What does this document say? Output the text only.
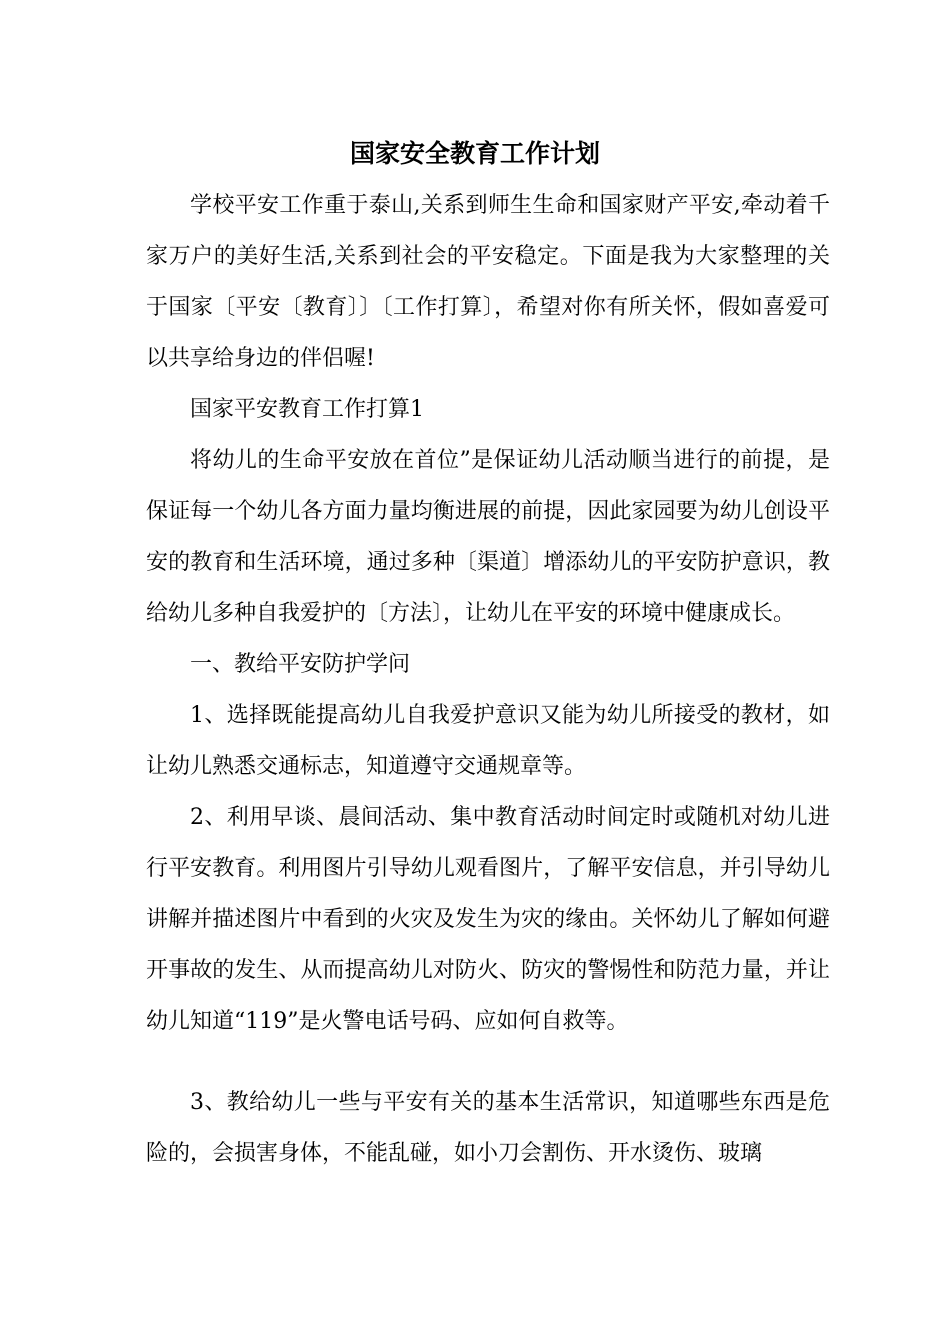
国家安全教育工作计划

学校平安工作重于泰山,关系到师生生命和国家财产平安,牵动着千家万户的美好生活,关系到社会的平安稳定。下面是我为大家整理的关于国家〔平安〔教育〕〕〔工作打算〕，希望对你有所关怀，假如喜爱可以共享给身边的伴侣喔!

国家平安教育工作打算1

将幼儿的生命平安放在首位”是保证幼儿活动顺当进行的前提，是保证每一个幼儿各方面力量均衡进展的前提，因此家园要为幼儿创设平安的教育和生活环境，通过多种〔渠道〕增添幼儿的平安防护意识，教给幼儿多种自我爱护的〔方法〕，让幼儿在平安的环境中健康成长。

一、教给平安防护学问

1、选择既能提高幼儿自我爱护意识又能为幼儿所接受的教材，如让幼儿熟悉交通标志，知道遵守交通规章等。

2、利用早谈、晨间活动、集中教育活动时间定时或随机对幼儿进行平安教育。利用图片引导幼儿观看图片，了解平安信息，并引导幼儿讲解并描述图片中看到的火灾及发生为灾的缘由。关怀幼儿了解如何避开事故的发生、从而提高幼儿对防火、防灾的警惕性和防范力量，并让幼儿知道“119”是火警电话号码、应如何自救等。

3、教给幼儿一些与平安有关的基本生活常识，知道哪些东西是危险的，会损害身体，不能乱碰，如小刀会割伤、开水烫伤、玻璃
